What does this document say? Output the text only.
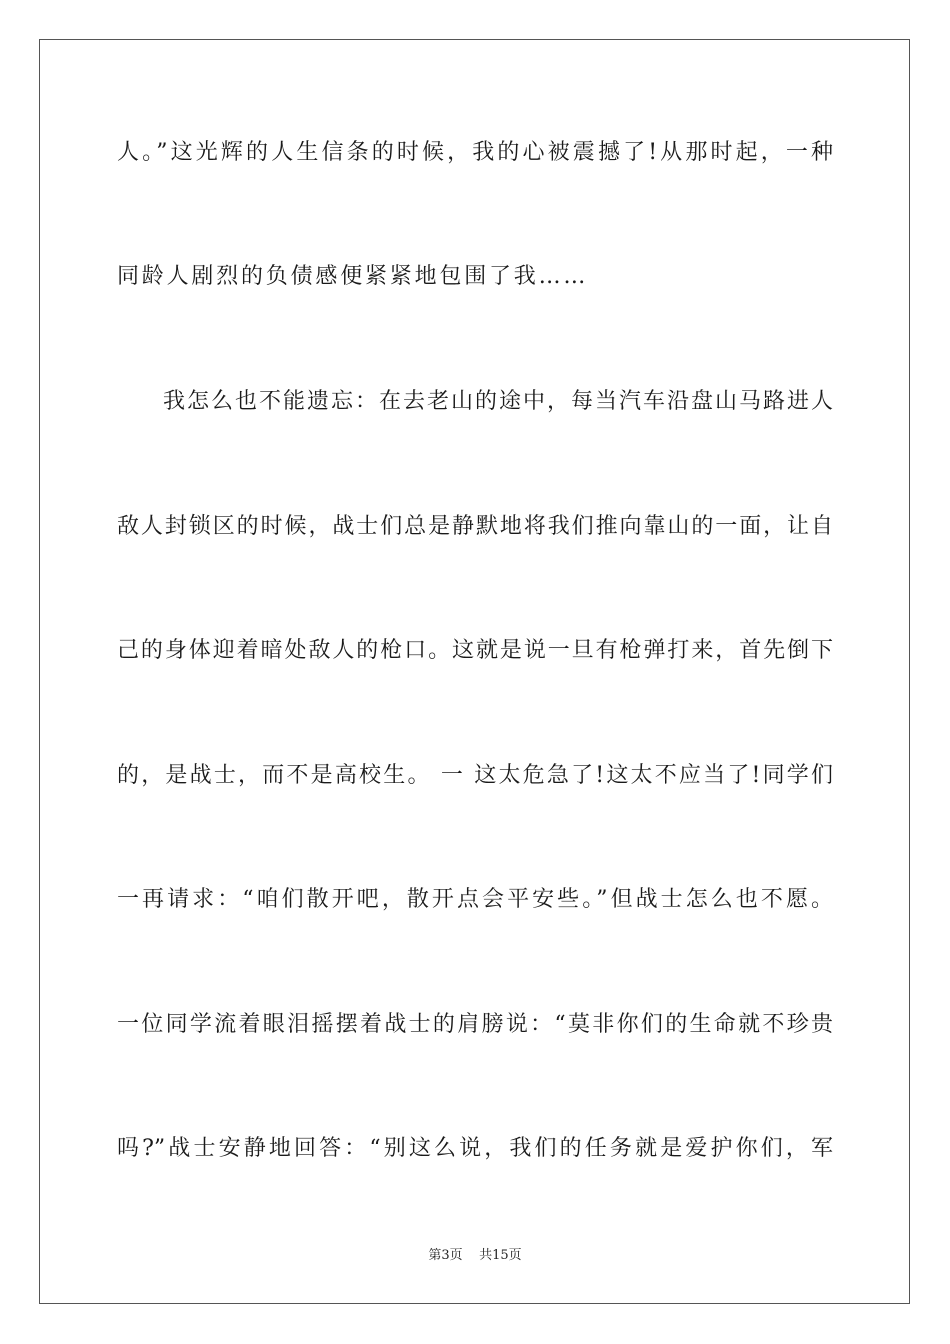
人。”这光辉的人生信条的时候，我的心被震撼了!从那时起，一种
同龄人剧烈的负债感便紧紧地包围了我……
我怎么也不能遗忘：在去老山的途中，每当汽车沿盘山马路进人
敌人封锁区的时候，战士们总是静默地将我们推向靠山的一面，让自
己的身体迎着暗处敌人的枪口。这就是说一旦有枪弹打来，首先倒下
的，是战士，而不是高校生。 一 这太危急了!这太不应当了!同学们
一再请求：“咱们散开吧，散开点会平安些。”但战士怎么也不愿。
一位同学流着眼泪摇摆着战士的肩膀说：“莫非你们的生命就不珍贵
吗?”战士安静地回答：“别这么说，我们的任务就是爱护你们，军
第3页 共15页
